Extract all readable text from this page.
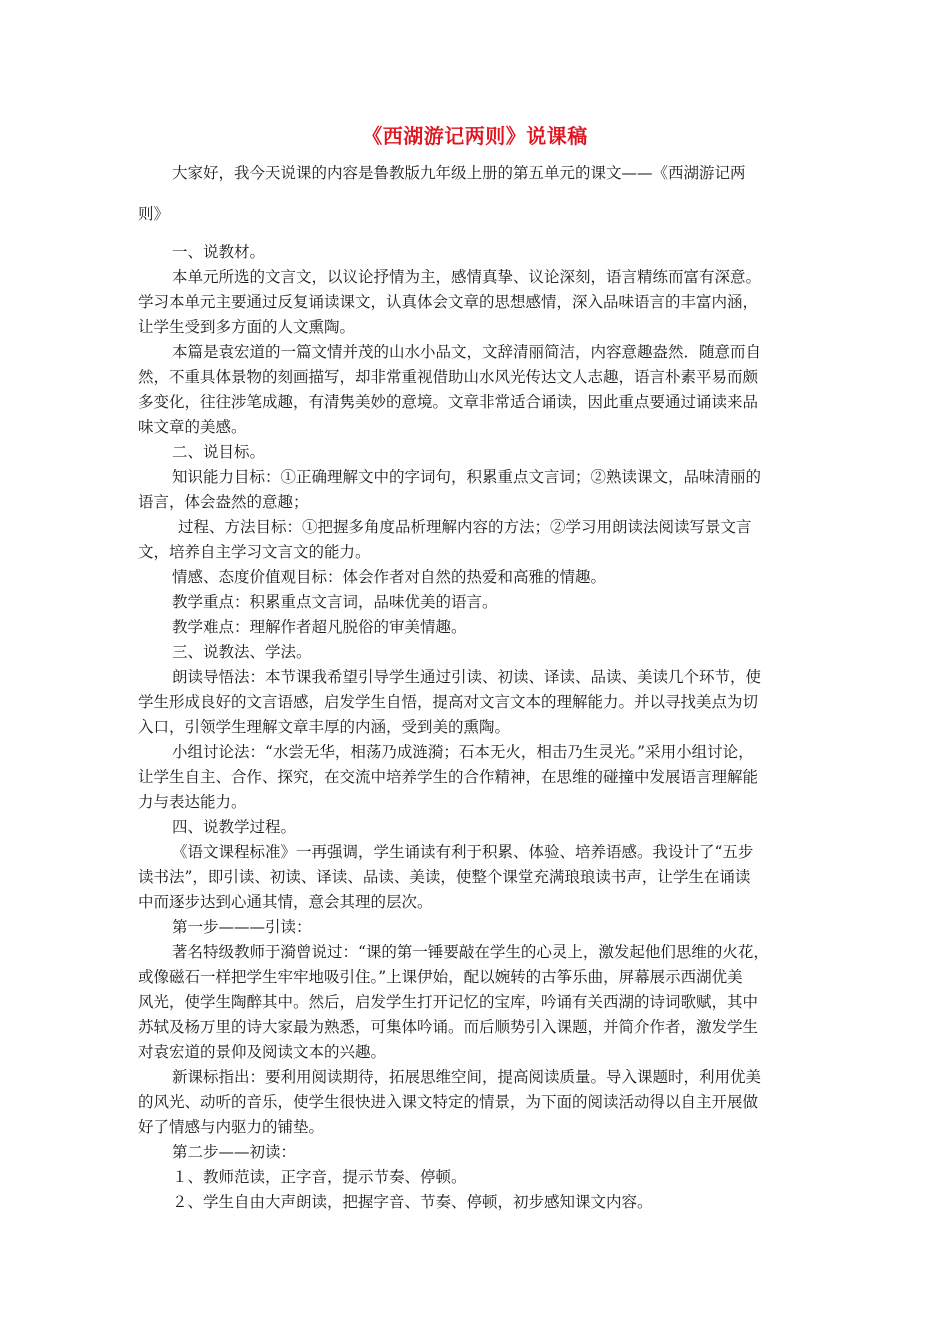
《西湖游记两则》说课稿
大家好，我今天说课的内容是鲁教版九年级上册的第五单元的课文——《西湖游记两
则》
一、说教材。
本单元所选的文言文，以议论抒情为主，感情真挚、议论深刻，语言精练而富有深意。
学习本单元主要通过反复诵读课文，认真体会文章的思想感情，深入品味语言的丰富内涵，
让学生受到多方面的人文熏陶。
本篇是袁宏道的一篇文情并茂的山水小品文，文辞清丽简洁，内容意趣盎然．随意而自
然，不重具体景物的刻画描写，却非常重视借助山水风光传达文人志趣，语言朴素平易而颇
多变化，往往涉笔成趣，有清隽美妙的意境。文章非常适合诵读，因此重点要通过诵读来品
味文章的美感。
二、说目标。
知识能力目标：①正确理解文中的字词句，积累重点文言词；②熟读课文，品味清丽的
语言，体会盎然的意趣；
过程、方法目标：①把握多角度品析理解内容的方法；②学习用朗读法阅读写景文言
文，培养自主学习文言文的能力。
情感、态度价值观目标：体会作者对自然的热爱和高雅的情趣。
教学重点：积累重点文言词，品味优美的语言。
教学难点：理解作者超凡脱俗的审美情趣。
三、说教法、学法。
朗读导悟法：本节课我希望引导学生通过引读、初读、译读、品读、美读几个环节，使
学生形成良好的文言语感，启发学生自悟，提高对文言文本的理解能力。并以寻找美点为切
入口，引领学生理解文章丰厚的内涵，受到美的熏陶。
小组讨论法：“水尝无华，相荡乃成涟漪；石本无火，相击乃生灵光。”采用小组讨论，
让学生自主、合作、探究，在交流中培养学生的合作精神，在思维的碰撞中发展语言理解能
力与表达能力。
四、说教学过程。
《语文课程标准》一再强调，学生诵读有利于积累、体验、培养语感。我设计了“五步
读书法”，即引读、初读、译读、品读、美读，使整个课堂充满琅琅读书声，让学生在诵读
中而逐步达到心通其情，意会其理的层次。
第一步———引读：
著名特级教师于漪曾说过：“课的第一锤要敲在学生的心灵上，激发起他们思维的火花，
或像磁石一样把学生牢牢地吸引住。”上课伊始，配以婉转的古筝乐曲，屏幕展示西湖优美
风光，使学生陶醉其中。然后，启发学生打开记忆的宝库，吟诵有关西湖的诗词歌赋，其中
苏轼及杨万里的诗大家最为熟悉，可集体吟诵。而后顺势引入课题，并简介作者，激发学生
对袁宏道的景仰及阅读文本的兴趣。
新课标指出：要利用阅读期待，拓展思维空间，提高阅读质量。导入课题时，利用优美
的风光、动听的音乐，使学生很快进入课文特定的情景，为下面的阅读活动得以自主开展做
好了情感与内驱力的铺垫。
第二步——初读：
１、教师范读，正字音，提示节奏、停顿。
２、学生自由大声朗读，把握字音、节奏、停顿，初步感知课文内容。
